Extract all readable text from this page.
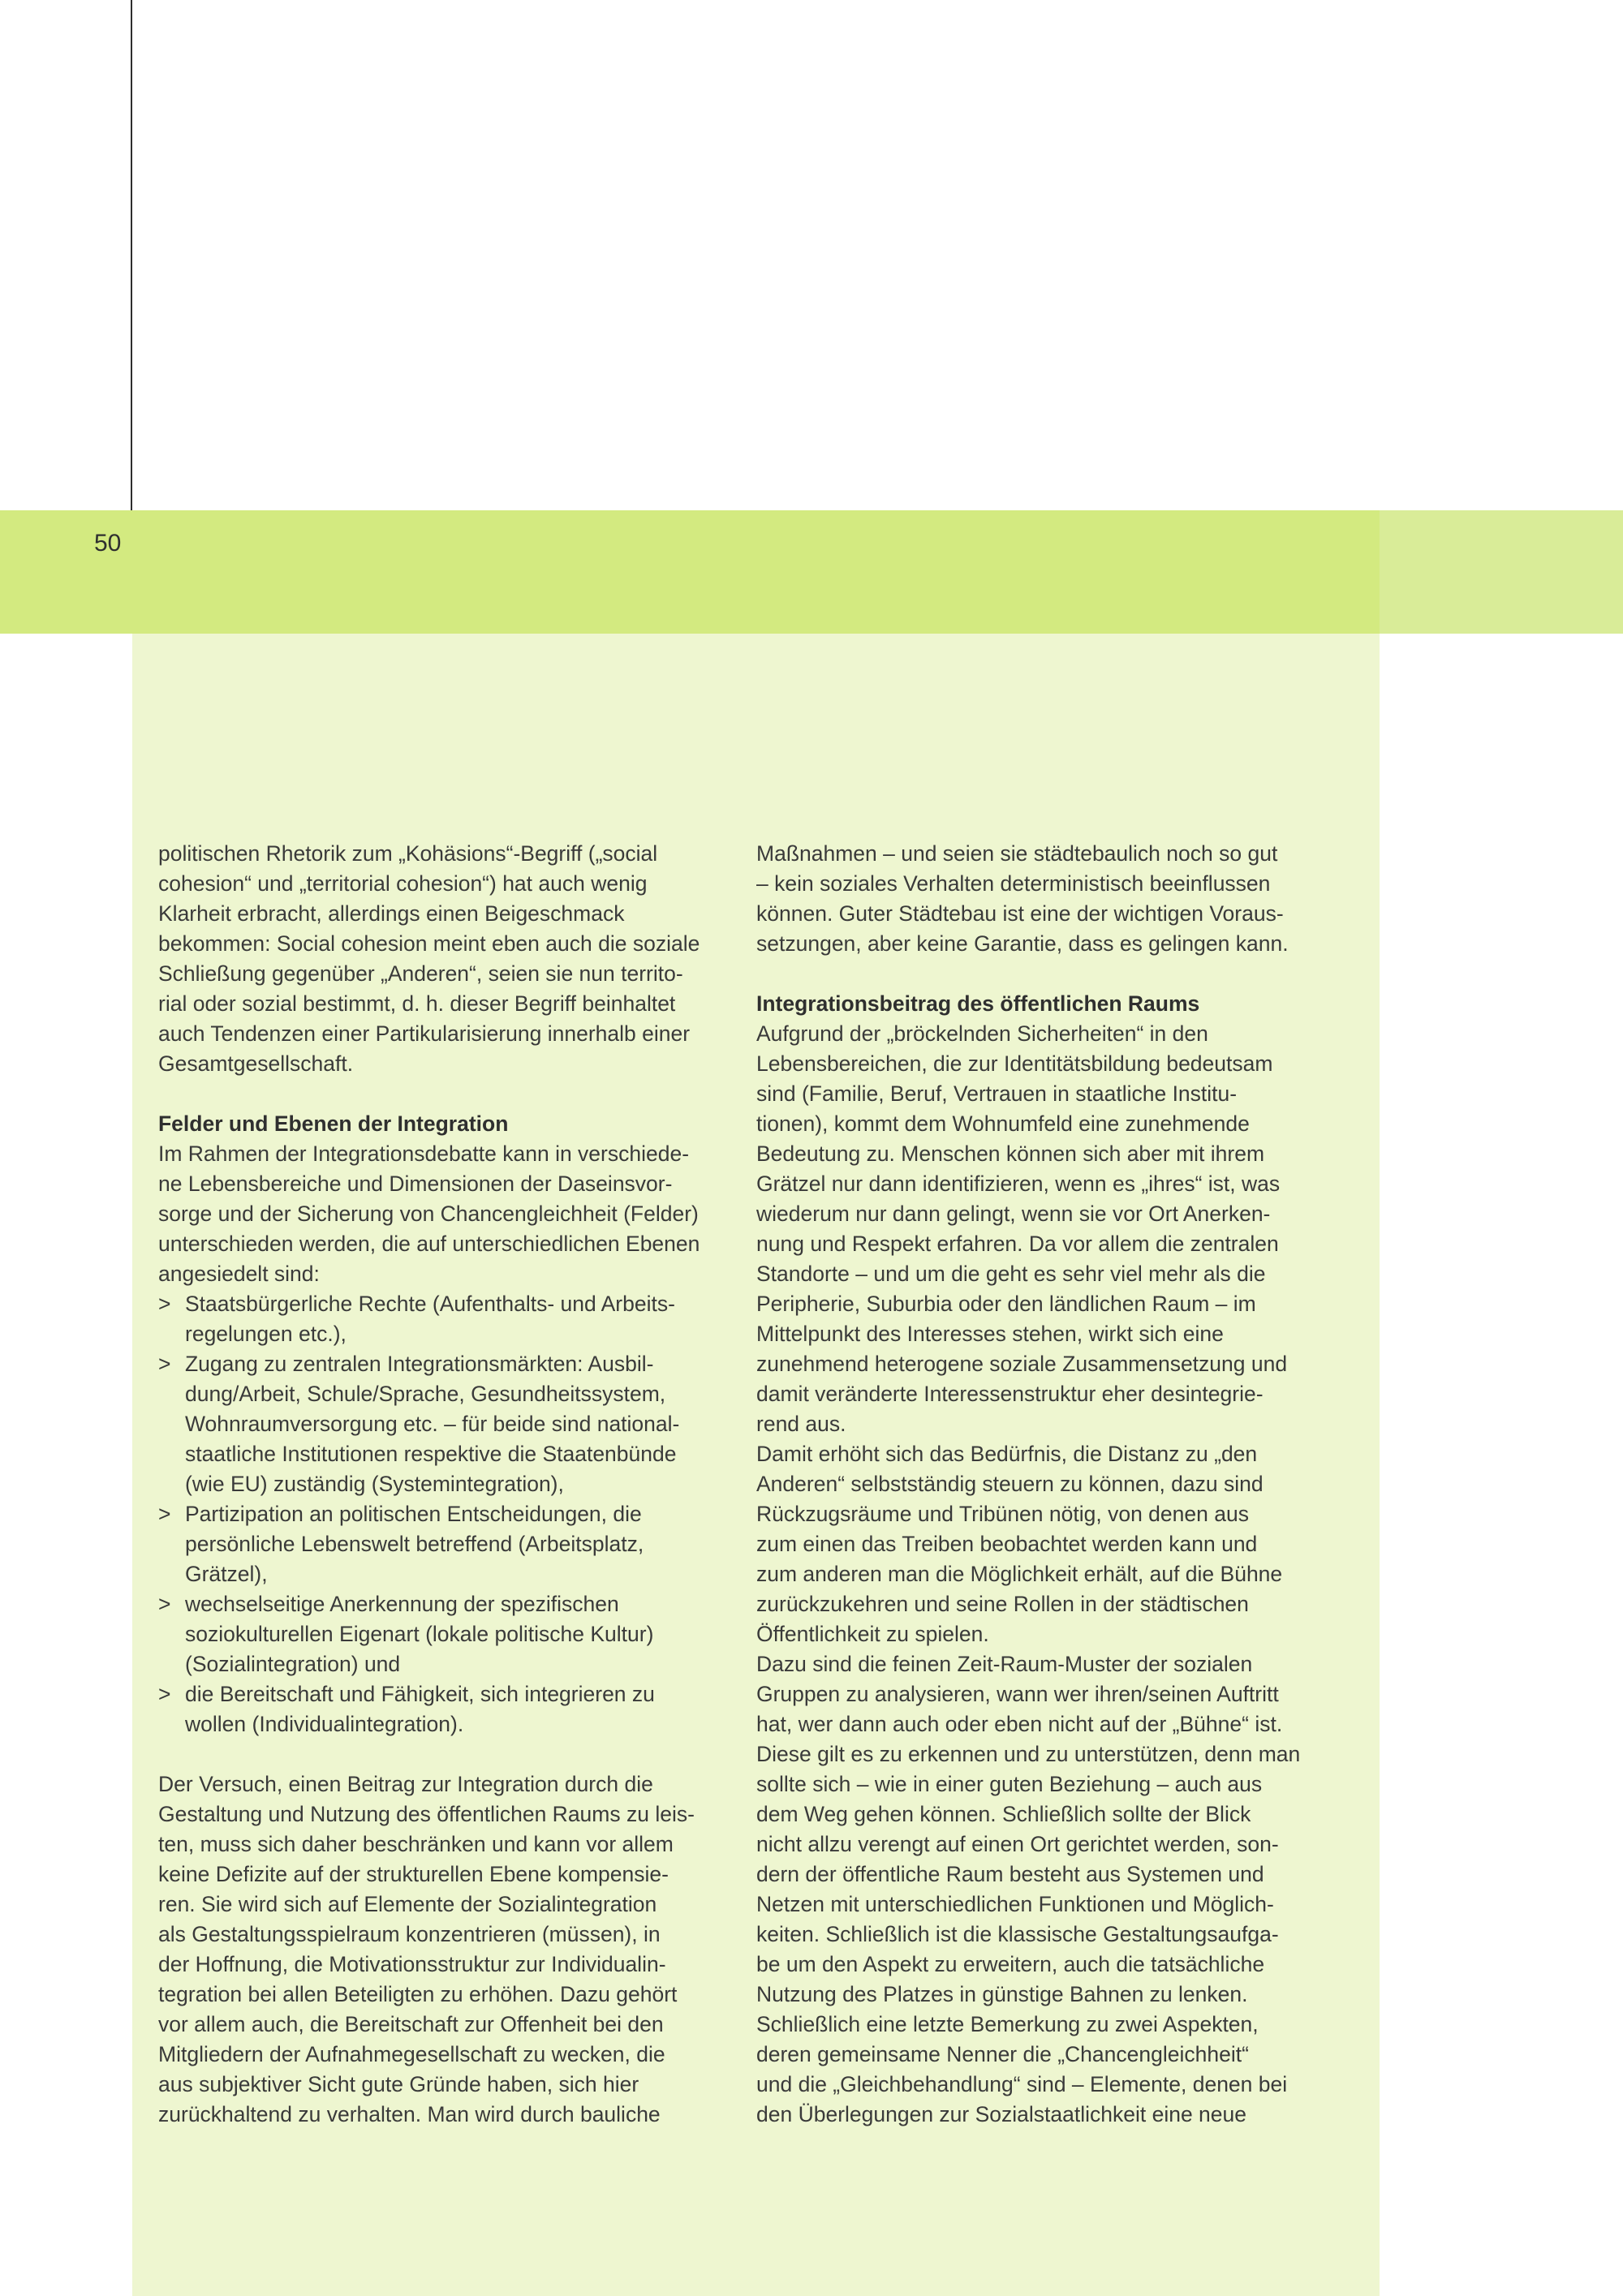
50

politischen Rhetorik zum „Kohäsions“-Begriff („social

cohesion“ und „territorial cohesion“) hat auch wenig

Klarheit erbracht, allerdings einen Beigeschmack

bekommen: Social cohesion meint eben auch die soziale

Schließung gegenüber „Anderen“, seien sie nun territo-

rial oder sozial bestimmt, d. h. dieser Begriff beinhaltet

auch Tendenzen einer Partikularisierung innerhalb einer

Gesamtgesellschaft.

Felder und Ebenen der Integration

Im Rahmen der Integrationsdebatte kann in verschiede-

ne Lebensbereiche und Dimensionen der Daseinsvor-

sorge und der Sicherung von Chancengleichheit (Felder)

unterschieden werden, die auf unterschiedlichen Ebenen

angesiedelt sind:

> Staatsbürgerliche Rechte (Aufenthalts- und Arbeits-
regelungen etc.),
> Zugang zu zentralen Integrationsmärkten: Ausbil-
dung/Arbeit, Schule/Sprache, Gesundheitssystem,
Wohnraumversorgung etc. – für beide sind national-
staatliche Institutionen respektive die Staatenbünde
(wie EU) zuständig (Systemintegration),
> Partizipation an politischen Entscheidungen, die
persönliche Lebenswelt betreffend (Arbeitsplatz,
Grätzel),
> wechselseitige Anerkennung der spezifischen
soziokulturellen Eigenart (lokale politische Kultur)
(Sozialintegration) und
> die Bereitschaft und Fähigkeit, sich integrieren zu
wollen (Individualintegration).

Der Versuch, einen Beitrag zur Integration durch die

Gestaltung und Nutzung des öffentlichen Raums zu leis-

ten, muss sich daher beschränken und kann vor allem

keine Defizite auf der strukturellen Ebene kompensie-

ren. Sie wird sich auf Elemente der Sozialintegration

als Gestaltungsspielraum konzentrieren (müssen), in

der Hoffnung, die Motivationsstruktur zur Individualin-

tegration bei allen Beteiligten zu erhöhen. Dazu gehört

vor allem auch, die Bereitschaft zur Offenheit bei den

Mitgliedern der Aufnahmegesellschaft zu wecken, die

aus subjektiver Sicht gute Gründe haben, sich hier

zurückhaltend zu verhalten. Man wird durch bauliche

Maßnahmen – und seien sie städtebaulich noch so gut

– kein soziales Verhalten deterministisch beeinflussen

können. Guter Städtebau ist eine der wichtigen Voraus-

setzungen, aber keine Garantie, dass es gelingen kann.

Integrationsbeitrag des öffentlichen Raums

Aufgrund der „bröckelnden Sicherheiten“ in den

Lebensbereichen, die zur Identitätsbildung bedeutsam

sind (Familie, Beruf, Vertrauen in staatliche Institu-

tionen), kommt dem Wohnumfeld eine zunehmende

Bedeutung zu. Menschen können sich aber mit ihrem

Grätzel nur dann identifizieren, wenn es „ihres“ ist, was

wiederum nur dann gelingt, wenn sie vor Ort Anerken-

nung und Respekt erfahren. Da vor allem die zentralen

Standorte – und um die geht es sehr viel mehr als die

Peripherie, Suburbia oder den ländlichen Raum – im

Mittelpunkt des Interesses stehen, wirkt sich eine

zunehmend heterogene soziale Zusammensetzung und

damit veränderte Interessenstruktur eher desintegrie-

rend aus.

Damit erhöht sich das Bedürfnis, die Distanz zu „den

Anderen“ selbstständig steuern zu können, dazu sind

Rückzugsräume und Tribünen nötig, von denen aus

zum einen das Treiben beobachtet werden kann und

zum anderen man die Möglichkeit erhält, auf die Bühne

zurückzukehren und seine Rollen in der städtischen

Öffentlichkeit zu spielen.

Dazu sind die feinen Zeit-Raum-Muster der sozialen

Gruppen zu analysieren, wann wer ihren/seinen Auftritt

hat, wer dann auch oder eben nicht auf der „Bühne“ ist.

Diese gilt es zu erkennen und zu unterstützen, denn man

sollte sich – wie in einer guten Beziehung – auch aus

dem Weg gehen können. Schließlich sollte der Blick

nicht allzu verengt auf einen Ort gerichtet werden, son-

dern der öffentliche Raum besteht aus Systemen und

Netzen mit unterschiedlichen Funktionen und Möglich-

keiten. Schließlich ist die klassische Gestaltungsaufga-

be um den Aspekt zu erweitern, auch die tatsächliche

Nutzung des Platzes in günstige Bahnen zu lenken.

Schließlich eine letzte Bemerkung zu zwei Aspekten,

deren gemeinsame Nenner die „Chancengleichheit“

und die „Gleichbehandlung“ sind – Elemente, denen bei

den Überlegungen zur Sozialstaatlichkeit eine neue
